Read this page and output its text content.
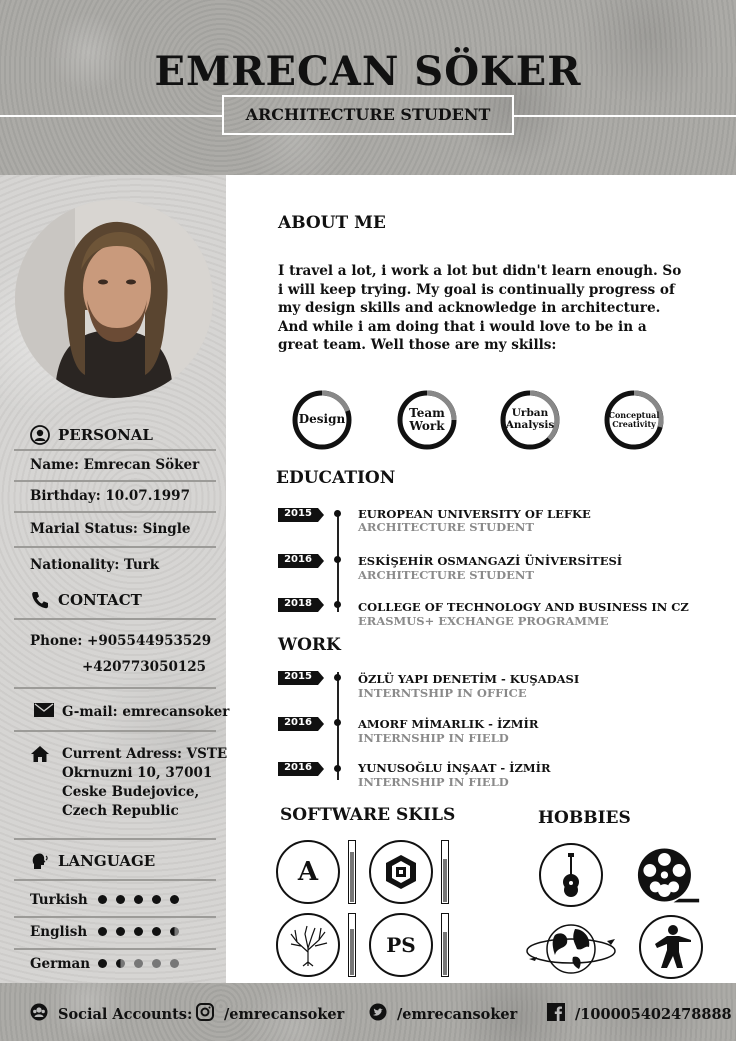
EMRECAN SÖKER
ARCHITECTURE STUDENT
PERSONAL
Name: Emrecan Söker
Birthday: 10.07.1997
Marial Status: Single
Nationality: Turk
CONTACT
Phone: +905544953529
+420773050125
G-mail: emrecansoker
Current Adress: VSTE
Okrnuzni 10, 37001
Ceske Budejovice,
Czech Republic
LANGUAGE
Turkish
English
German
ABOUT ME
I travel a lot, i work a lot but didn't learn enough. So i will keep trying. My goal is continually progress of my design skills and acknowledge in architecture. And while i am doing that i would love to be in a great team. Well those are my skills:
Design	Team Work
Urban Analysis
Conceptual Creativity
EDUCATION
2015	EUROPEAN UNIVERSITY OF LEFKE
ARCHITECTURE STUDENT
2016	ESKİŞEHİR OSMANGAZİ ÜNİVERSİTESİ
ARCHITECTURE STUDENT
2018	COLLEGE OF TECHNOLOGY AND BUSINESS IN CZ
ERASMUS+ EXCHANGE PROGRAMME
WORK
2015	ÖZLÜ YAPI DENETİM - KUŞADASI
INTERNTSHIP IN OFFICE
2016	AMORF MİMARLIK - İZMİR
INTERNSHIP IN FIELD
2016	YUNUSOĞLU İNŞAAT - İZMİR
INTERNSHIP IN FIELD
SOFTWARE SKILS
A
PS
HOBBIES
Social Accounts: /emrecansoker	/emrecansoker	/100005402478888
